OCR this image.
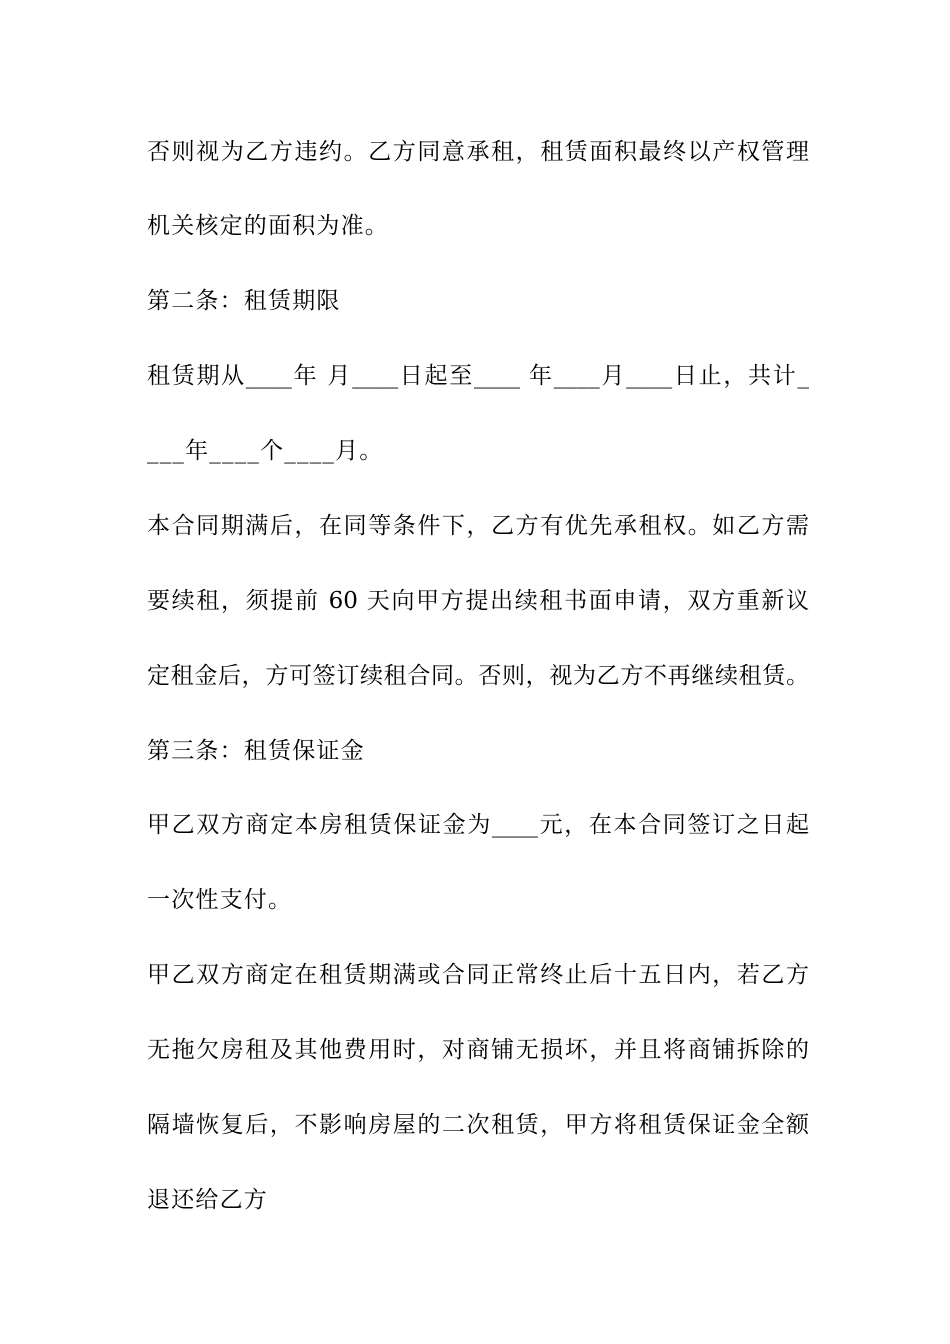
否则视为乙方违约。乙方同意承租，租赁面积最终以产权管理
机关核定的面积为准。
第二条：租赁期限
租赁期从____年 月____日起至____ 年____月____日止，共计_
___年____个____月。
本合同期满后，在同等条件下，乙方有优先承租权。如乙方需
要续租，须提前 60 天向甲方提出续租书面申请，双方重新议
定租金后，方可签订续租合同。否则，视为乙方不再继续租赁。
第三条：租赁保证金
甲乙双方商定本房租赁保证金为____元，在本合同签订之日起
一次性支付。
甲乙双方商定在租赁期满或合同正常终止后十五日内，若乙方
无拖欠房租及其他费用时，对商铺无损坏，并且将商铺拆除的
隔墙恢复后，不影响房屋的二次租赁，甲方将租赁保证金全额
退还给乙方
